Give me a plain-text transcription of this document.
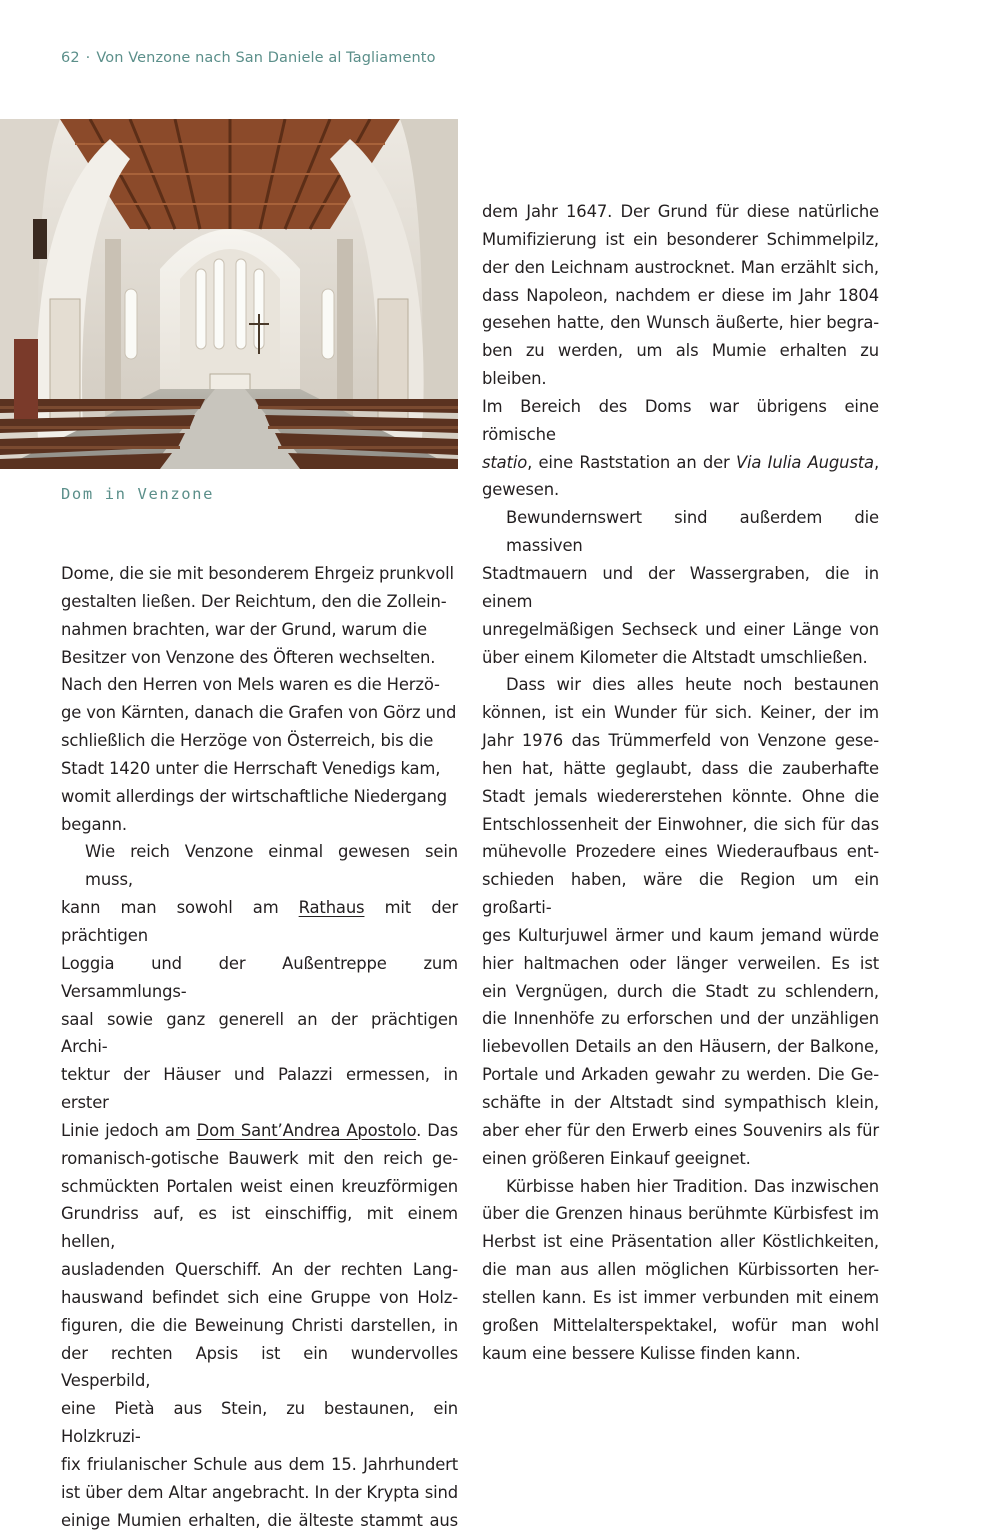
62 · Von Venzone nach San Daniele al Tagliamento
Dom in Venzone

Dome, die sie mit besonderem Ehrgeiz prunkvoll
gestalten ließen. Der Reichtum, den die Zollein-
nahmen brachten, war der Grund, warum die
Besitzer von Venzone des Öfteren wechselten.
Nach den Herren von Mels waren es die Herzö-
ge von Kärnten, danach die Grafen von Görz und
schließlich die Herzöge von Österreich, bis die
Stadt 1420 unter die Herrschaft Venedigs kam,
womit allerdings der wirtschaftliche Niedergang
begann.

Wie reich Venzone einmal gewesen sein muss,
kann man sowohl am Rathaus mit der prächtigen
Loggia und der Außentreppe zum Versammlungs-
saal sowie ganz generell an der prächtigen Archi-
tektur der Häuser und Palazzi ermessen, in erster
Linie jedoch am Dom Sant’Andrea Apostolo. Das
romanisch-gotische Bauwerk mit den reich ge-
schmückten Portalen weist einen kreuzförmigen
Grundriss auf, es ist einschiffig, mit einem hellen,
ausladenden Querschiff. An der rechten Lang-
hauswand befindet sich eine Gruppe von Holz-
figuren, die die Beweinung Christi darstellen, in
der rechten Apsis ist ein wundervolles Vesperbild,
eine Pietà aus Stein, zu bestaunen, ein Holzkruzi-
fix friulanischer Schule aus dem 15. Jahrhundert
ist über dem Altar angebracht. In der Krypta sind
einige Mumien erhalten, die älteste stammt aus

dem Jahr 1647. Der Grund für diese natürliche
Mumifizierung ist ein besonderer Schimmelpilz,
der den Leichnam austrocknet. Man erzählt sich,
dass Napoleon, nachdem er diese im Jahr 1804
gesehen hatte, den Wunsch äußerte, hier begra-
ben zu werden, um als Mumie erhalten zu bleiben.
Im Bereich des Doms war übrigens eine römische
statio, eine Raststation an der Via Iulia Augusta,
gewesen.

Bewundernswert sind außerdem die massiven
Stadtmauern und der Wassergraben, die in einem
unregelmäßigen Sechseck und einer Länge von
über einem Kilometer die Altstadt umschließen.

Dass wir dies alles heute noch bestaunen
können, ist ein Wunder für sich. Keiner, der im
Jahr 1976 das Trümmerfeld von Venzone gese-
hen hat, hätte geglaubt, dass die zauberhafte
Stadt jemals wiedererstehen könnte. Ohne die
Entschlossenheit der Einwohner, die sich für das
mühevolle Prozedere eines Wiederaufbaus ent-
schieden haben, wäre die Region um ein großarti-
ges Kulturjuwel ärmer und kaum jemand würde
hier haltmachen oder länger verweilen. Es ist
ein Vergnügen, durch die Stadt zu schlendern,
die Innenhöfe zu erforschen und der unzähligen
liebevollen Details an den Häusern, der Balkone,
Portale und Arkaden gewahr zu werden. Die Ge-
schäfte in der Altstadt sind sympathisch klein,
aber eher für den Erwerb eines Souvenirs als für
einen größeren Einkauf geeignet.

Kürbisse haben hier Tradition. Das inzwischen
über die Grenzen hinaus berühmte Kürbisfest im
Herbst ist eine Präsentation aller Köstlichkeiten,
die man aus allen möglichen Kürbissorten her-
stellen kann. Es ist immer verbunden mit einem
großen Mittelalterspektakel, wofür man wohl
kaum eine bessere Kulisse finden kann.
